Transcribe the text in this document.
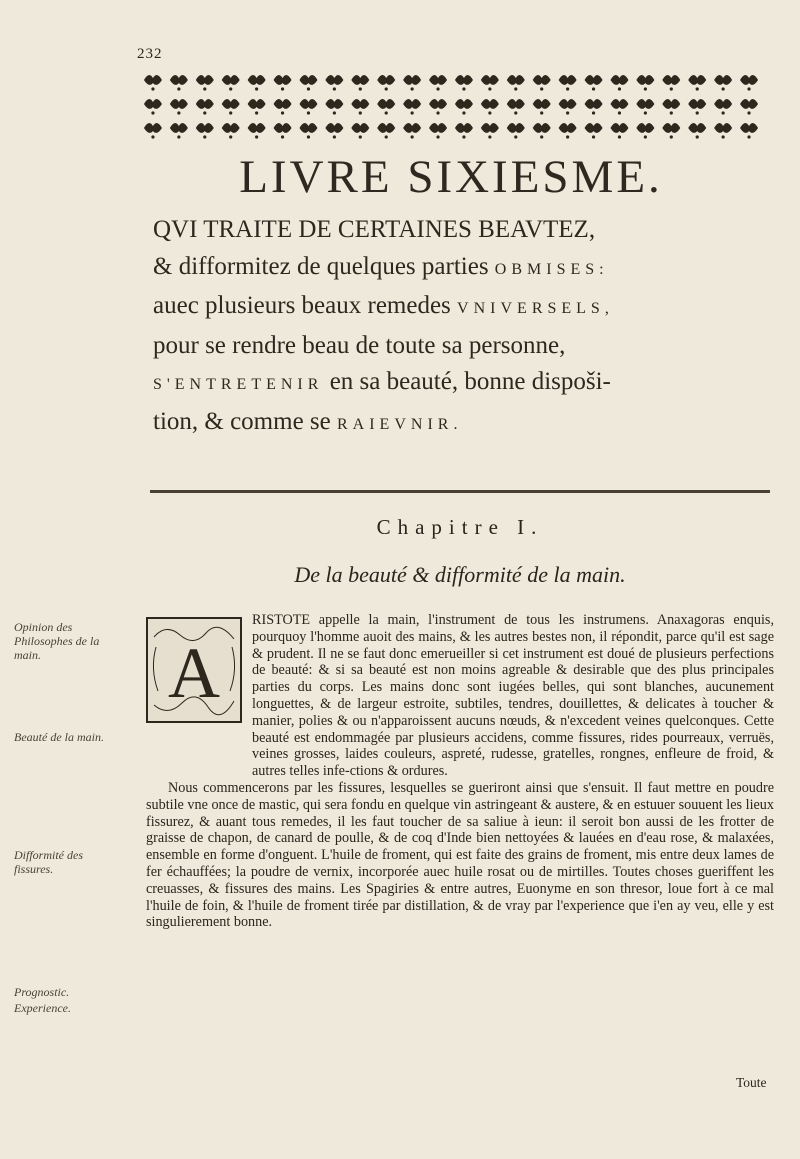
232
LIVRE SIXIESME.
QVI TRAITE DE CERTAINES BEAVTEZ,
& difformitez de quelques parties OBMISES:
auec plusieurs beaux remedes VNIVERSELS,
pour se rendre beau de toute sa personne,
S'ENTRETENIR en sa beauté, bonne dispoši-
tion, & comme se RAIEVNIR.
Chapitre I.
De la beauté & difformité de la main.
Opinion des Philosophes de la main.
Beauté de la main.
Difformité des fissures.
Prognostic.
Experience.
A

RISTOTE appelle la main, l'instrument de tous les instrumens. Anaxagoras enquis, pourquoy l'homme auoit des mains, & les autres bestes non, il répondit, parce qu'il est sage & prudent. Il ne se faut donc emerueiller si cet instrument est doué de plusieurs perfections de beauté: & si sa beauté est non moins agreable & desirable que des plus principales parties du corps. Les mains donc sont iugées belles, qui sont blanches, aucunement longuettes, & de largeur estroite, subtiles, tendres, douillettes, & delicates à toucher & manier, polies & ou n'apparoissent aucuns nœuds, & n'excedent veines quelconques. Cette beauté est endommagée par plusieurs accidens, comme fissures, rides pourreaux, verruës, veines grosses, laides couleurs, aspreté, rudesse, gratelles, rongnes, enfleure de froid, & autres telles infe-ctions & ordures.

Nous commencerons par les fissures, lesquelles se gueriront ainsi que s'ensuit. Il faut mettre en poudre subtile vne once de mastic, qui sera fondu en quelque vin astringeant & austere, & en estuuer souuent les lieux fissurez, & auant tous remedes, il les faut toucher de sa saliue à ieun: il seroit bon aussi de les frotter de graisse de chapon, de canard de poulle, & de coq d'Inde bien nettoyées & lauées en d'eau rose, & malaxées, ensemble en forme d'onguent. L'huile de froment, qui est faite des grains de froment, mis entre deux lames de fer échauffées; la poudre de vernix, incorporée auec huile rosat ou de mirtilles. Toutes choses gueriffent les creuasses, & fissures des mains. Les Spagiries & entre autres, Euonyme en son thresor, loue fort à ce mal l'huile de foin, & l'huile de froment tirée par distillation, & de vray par l'experience que i'en ay veu, elle y est singulierement bonne.

Toute
